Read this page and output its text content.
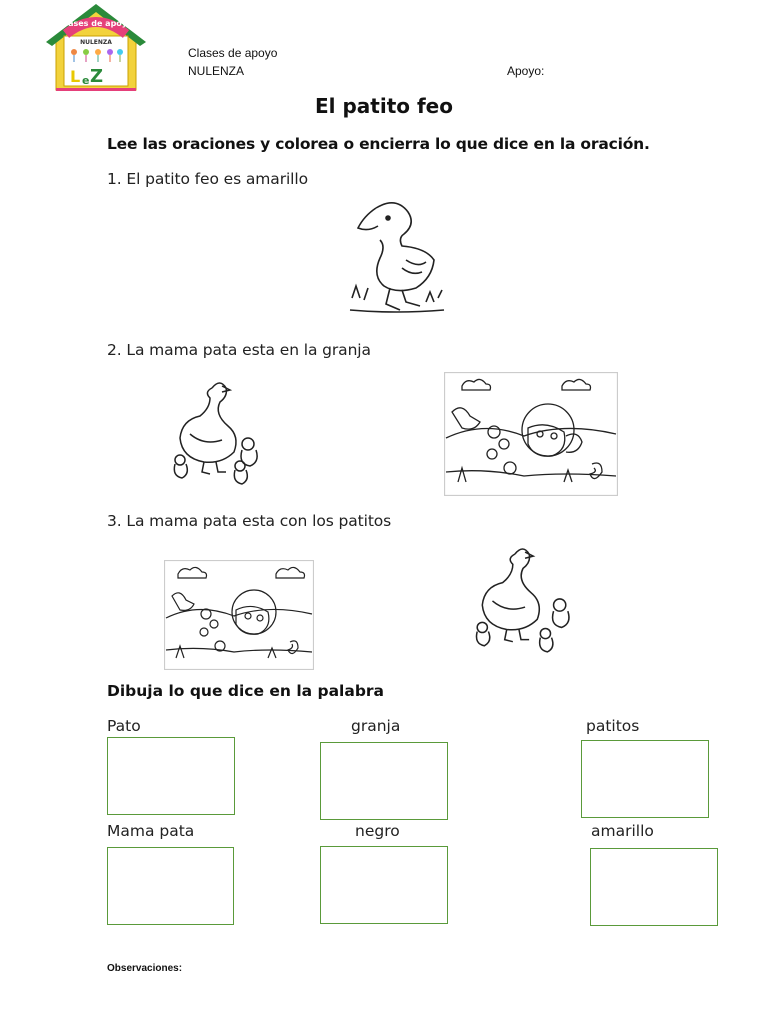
Clases de apoyo
NULENZA
L e Z
Clases de apoyo
NULENZA	Apoyo:
El patito feo
Lee las oraciones y colorea o encierra lo que dice en la oración.
1. El patito feo es amarillo
2. La mama pata esta en la granja
3. La mama pata esta con los patitos
Dibuja lo que dice en la palabra
Pato	granja	patitos
Mama pata	negro	amarillo
Observaciones:
